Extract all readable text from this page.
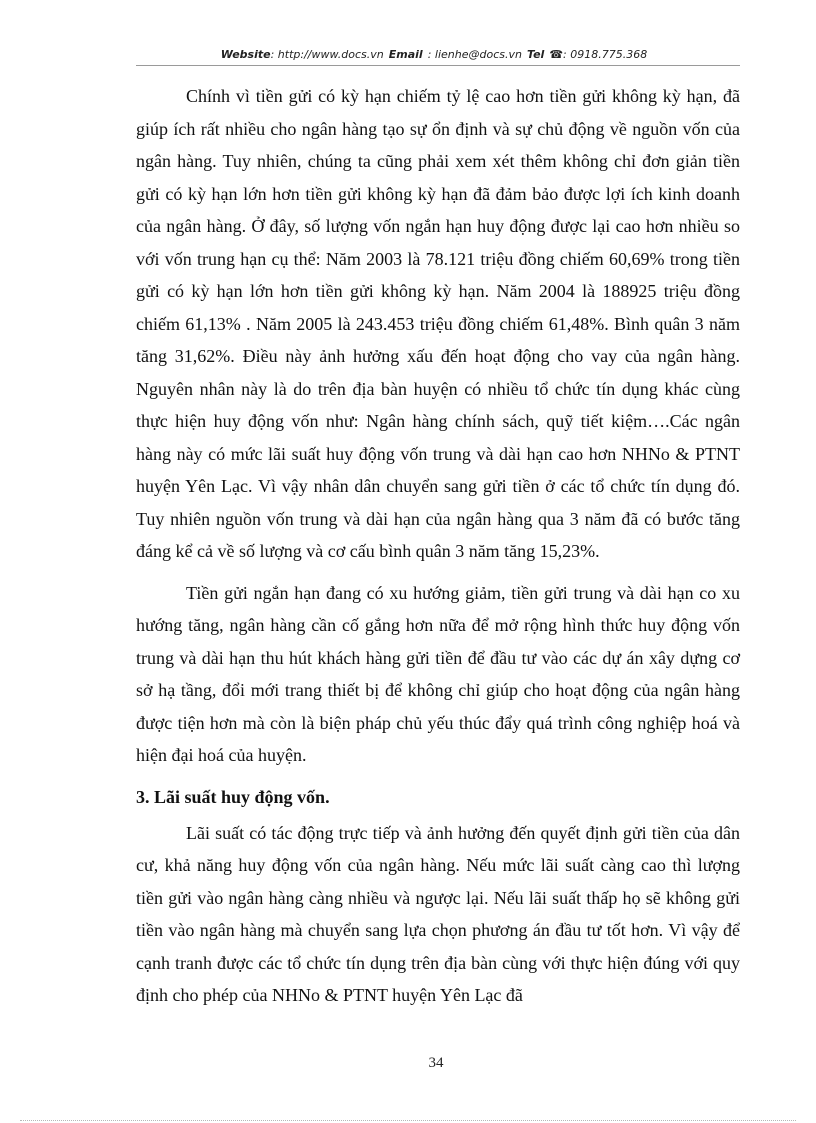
Website: http://www.docs.vn Email : lienhe@docs.vn Tel ☎: 0918.775.368

Chính vì tiền gửi có kỳ hạn chiếm tỷ lệ cao hơn tiền gửi không kỳ hạn, đã giúp ích rất nhiều cho ngân hàng tạo sự ổn định và sự chủ động về nguồn vốn của ngân hàng. Tuy nhiên, chúng ta cũng phải xem xét thêm không chỉ đơn giản tiền gửi có kỳ hạn lớn hơn tiền gửi không kỳ hạn đã đảm bảo được lợi ích kinh doanh của ngân hàng. Ở đây, số lượng vốn ngắn hạn huy động được lại cao hơn nhiều so với vốn trung hạn cụ thể: Năm 2003 là 78.121 triệu đồng chiếm 60,69% trong tiền gửi có kỳ hạn lớn hơn tiền gửi không kỳ hạn. Năm 2004 là 188925 triệu đồng chiếm 61,13% . Năm 2005 là 243.453 triệu đồng chiếm 61,48%. Bình quân 3 năm tăng 31,62%. Điều này ảnh hưởng xấu đến hoạt động cho vay của ngân hàng. Nguyên nhân này là do trên địa bàn huyện có nhiều tổ chức tín dụng khác cùng thực hiện huy động vốn như: Ngân hàng chính sách, quỹ tiết kiệm….Các ngân hàng này có mức lãi suất huy động vốn trung và dài hạn cao hơn NHNo & PTNT huyện Yên Lạc. Vì vậy nhân dân chuyển sang gửi tiền ở các tổ chức tín dụng đó. Tuy nhiên nguồn vốn trung và dài hạn của ngân hàng qua 3 năm đã có bước tăng đáng kể cả về số lượng và cơ cấu bình quân 3 năm tăng 15,23%.

Tiền gửi ngắn hạn đang có xu hướng giảm, tiền gửi trung và dài hạn co xu hướng tăng, ngân hàng cần cố gắng hơn nữa để mở rộng hình thức huy động vốn trung và dài hạn thu hút khách hàng gửi tiền để đầu tư vào các dự án xây dựng cơ sở hạ tầng, đổi mới trang thiết bị để không chỉ giúp cho hoạt động của ngân hàng được tiện hơn mà còn là biện pháp chủ yếu thúc đẩy quá trình công nghiệp hoá và hiện đại hoá của huyện.

3. Lãi suất huy động vốn.

Lãi suất có tác động trực tiếp và ảnh hưởng đến quyết định gửi tiền của dân cư, khả năng huy động vốn của ngân hàng. Nếu mức lãi suất càng cao thì lượng tiền gửi vào ngân hàng càng nhiều và ngược lại. Nếu lãi suất thấp họ sẽ không gửi tiền vào ngân hàng mà chuyển sang lựa chọn phương án đầu tư tốt hơn. Vì vậy để cạnh tranh được các tổ chức tín dụng trên địa bàn cùng với thực hiện đúng với quy định cho phép của NHNo & PTNT huyện Yên Lạc đã

34
